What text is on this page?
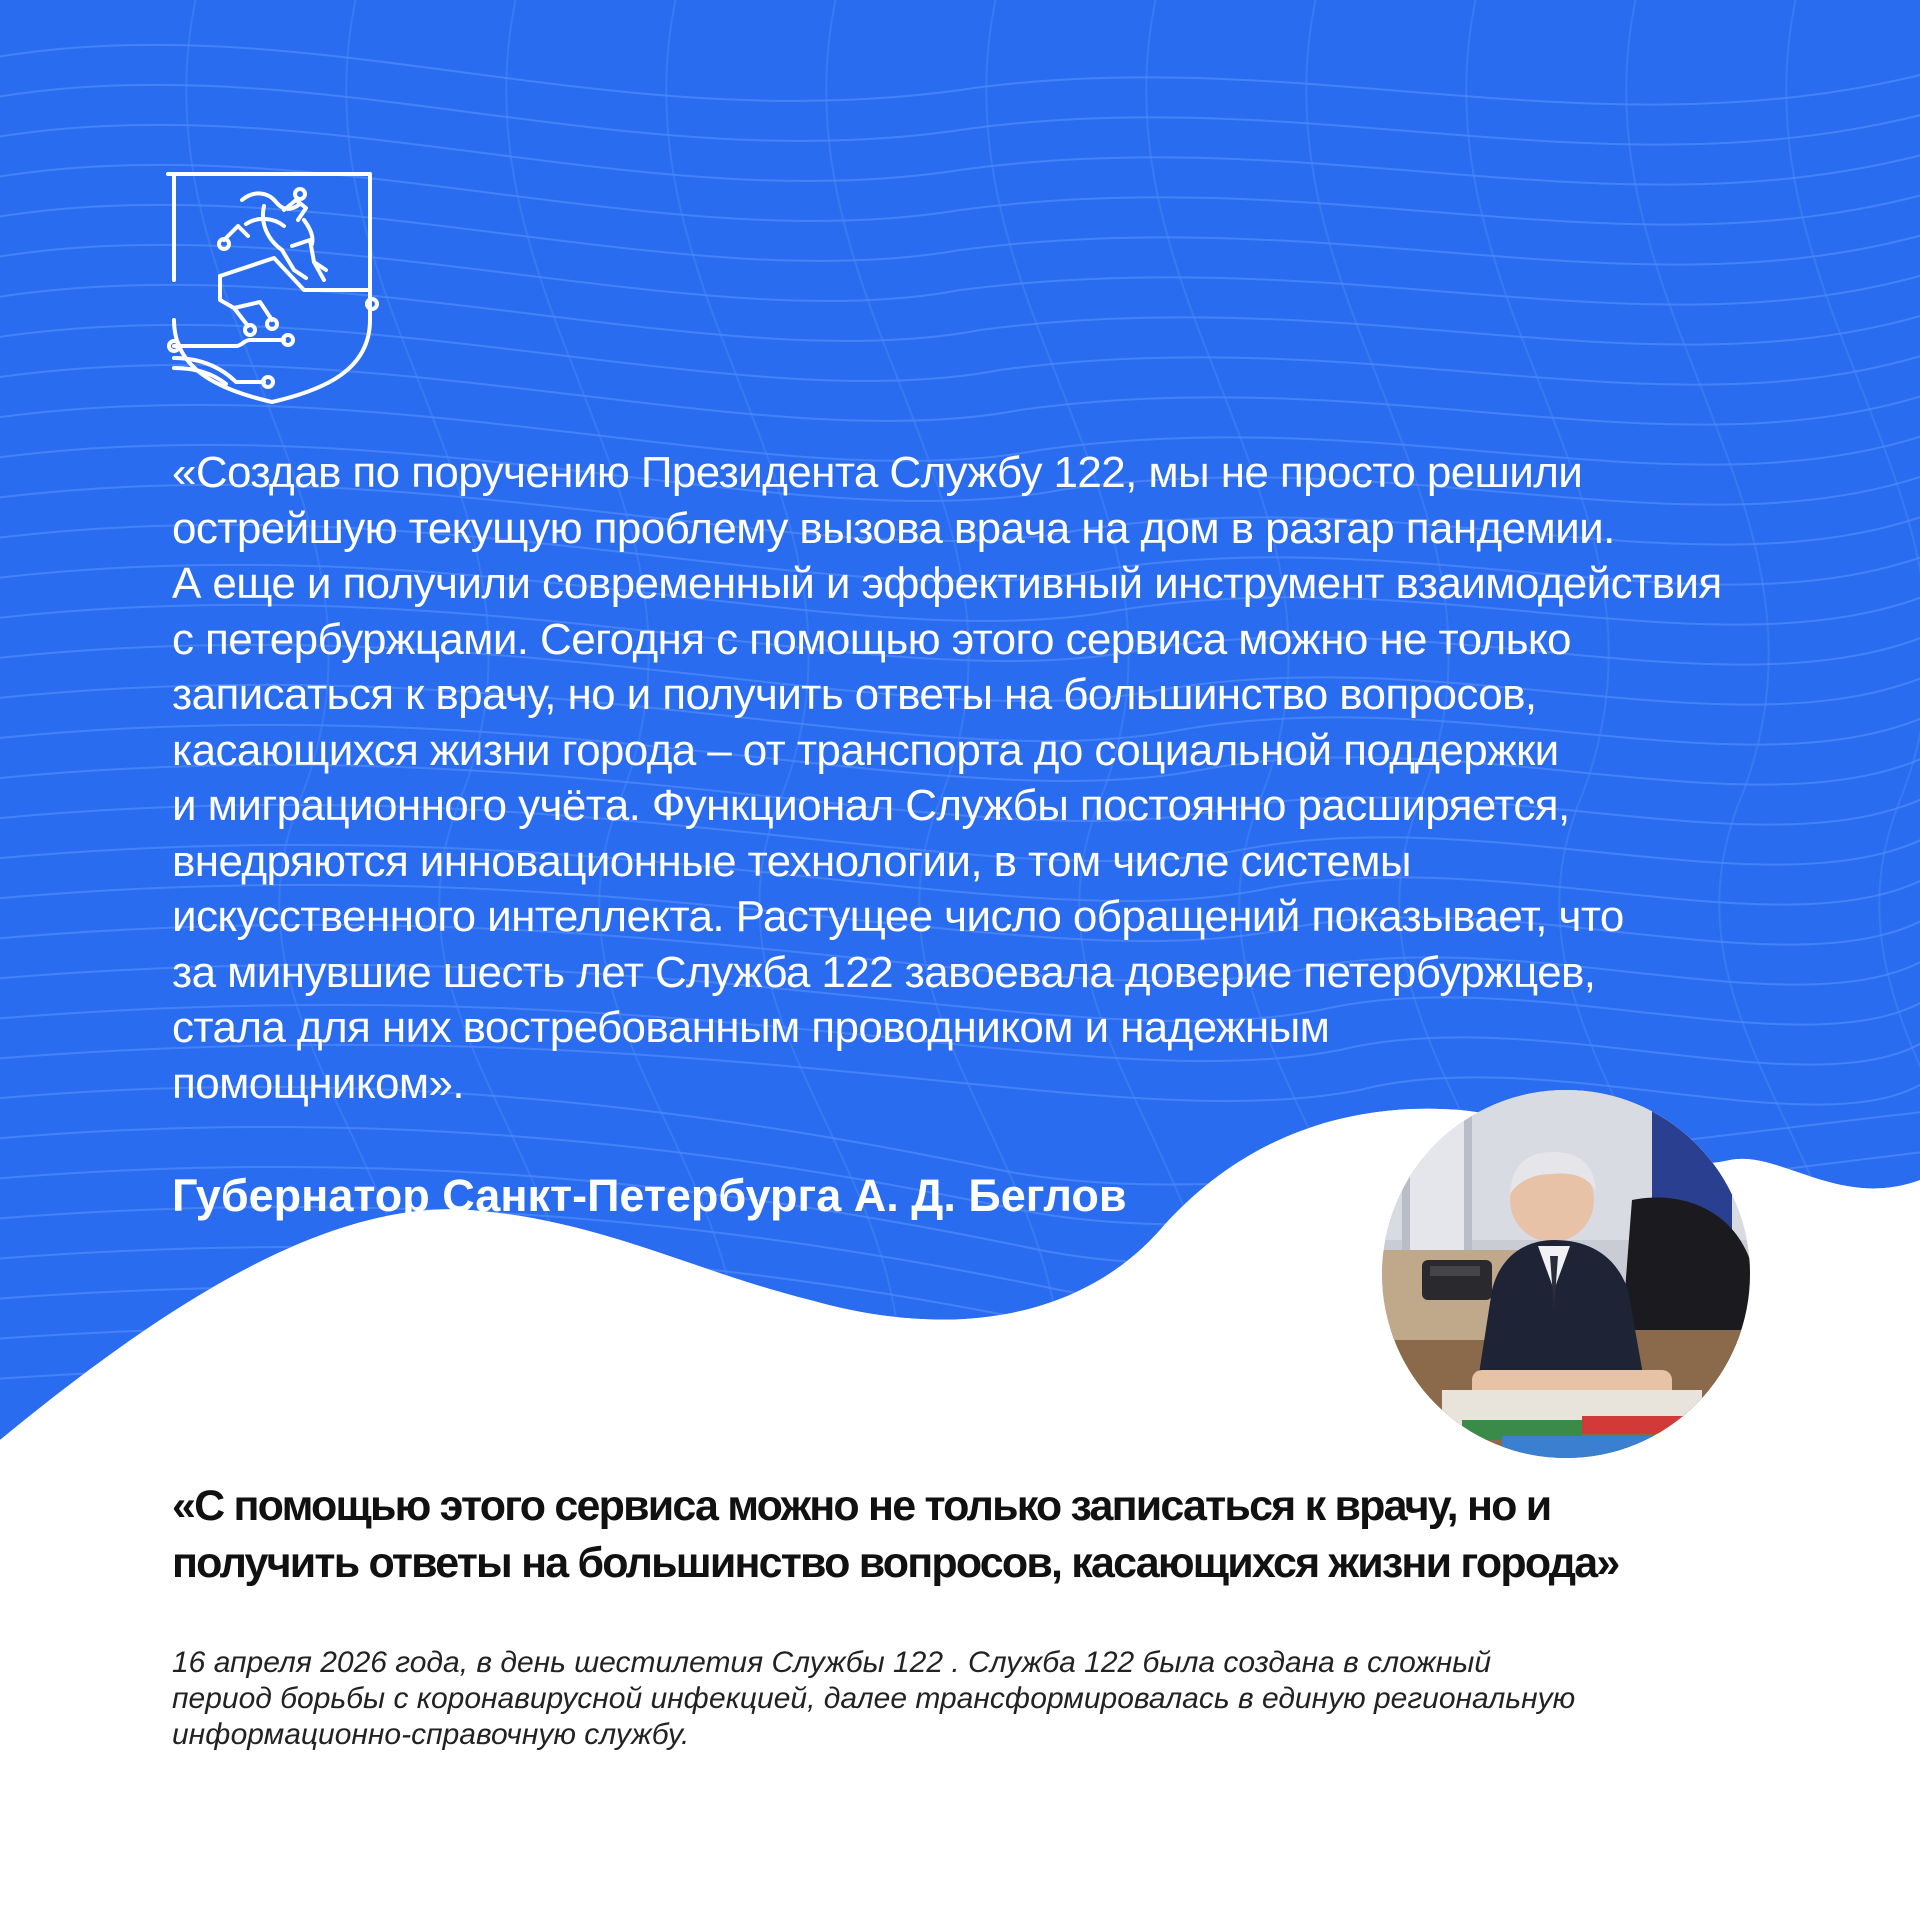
«Создав по поручению Президента Службу 122, мы не просто решили
острейшую текущую проблему вызова врача на дом в разгар пандемии.
А еще и получили современный и эффективный инструмент взаимодействия
с петербуржцами. Сегодня с помощью этого сервиса можно не только
записаться к врачу, но и получить ответы на большинство вопросов,
касающихся жизни города – от транспорта до социальной поддержки
и миграционного учёта. Функционал Службы постоянно расширяется,
внедряются инновационные технологии, в том числе системы
искусственного интеллекта. Растущее число обращений показывает, что
за минувшие шесть лет Служба 122 завоевала доверие петербуржцев,
стала для них востребованным проводником и надежным
помощником».

Губернатор Санкт-Петербурга А. Д. Беглов

«С помощью этого сервиса можно не только записаться к врачу, но и
получить ответы на большинство вопросов, касающихся жизни города»

16 апреля 2026 года, в день шестилетия Службы 122 . Служба 122 была создана в сложный
период борьбы с коронавирусной инфекцией, далее трансформировалась в единую региональную
информационно-справочную службу.
